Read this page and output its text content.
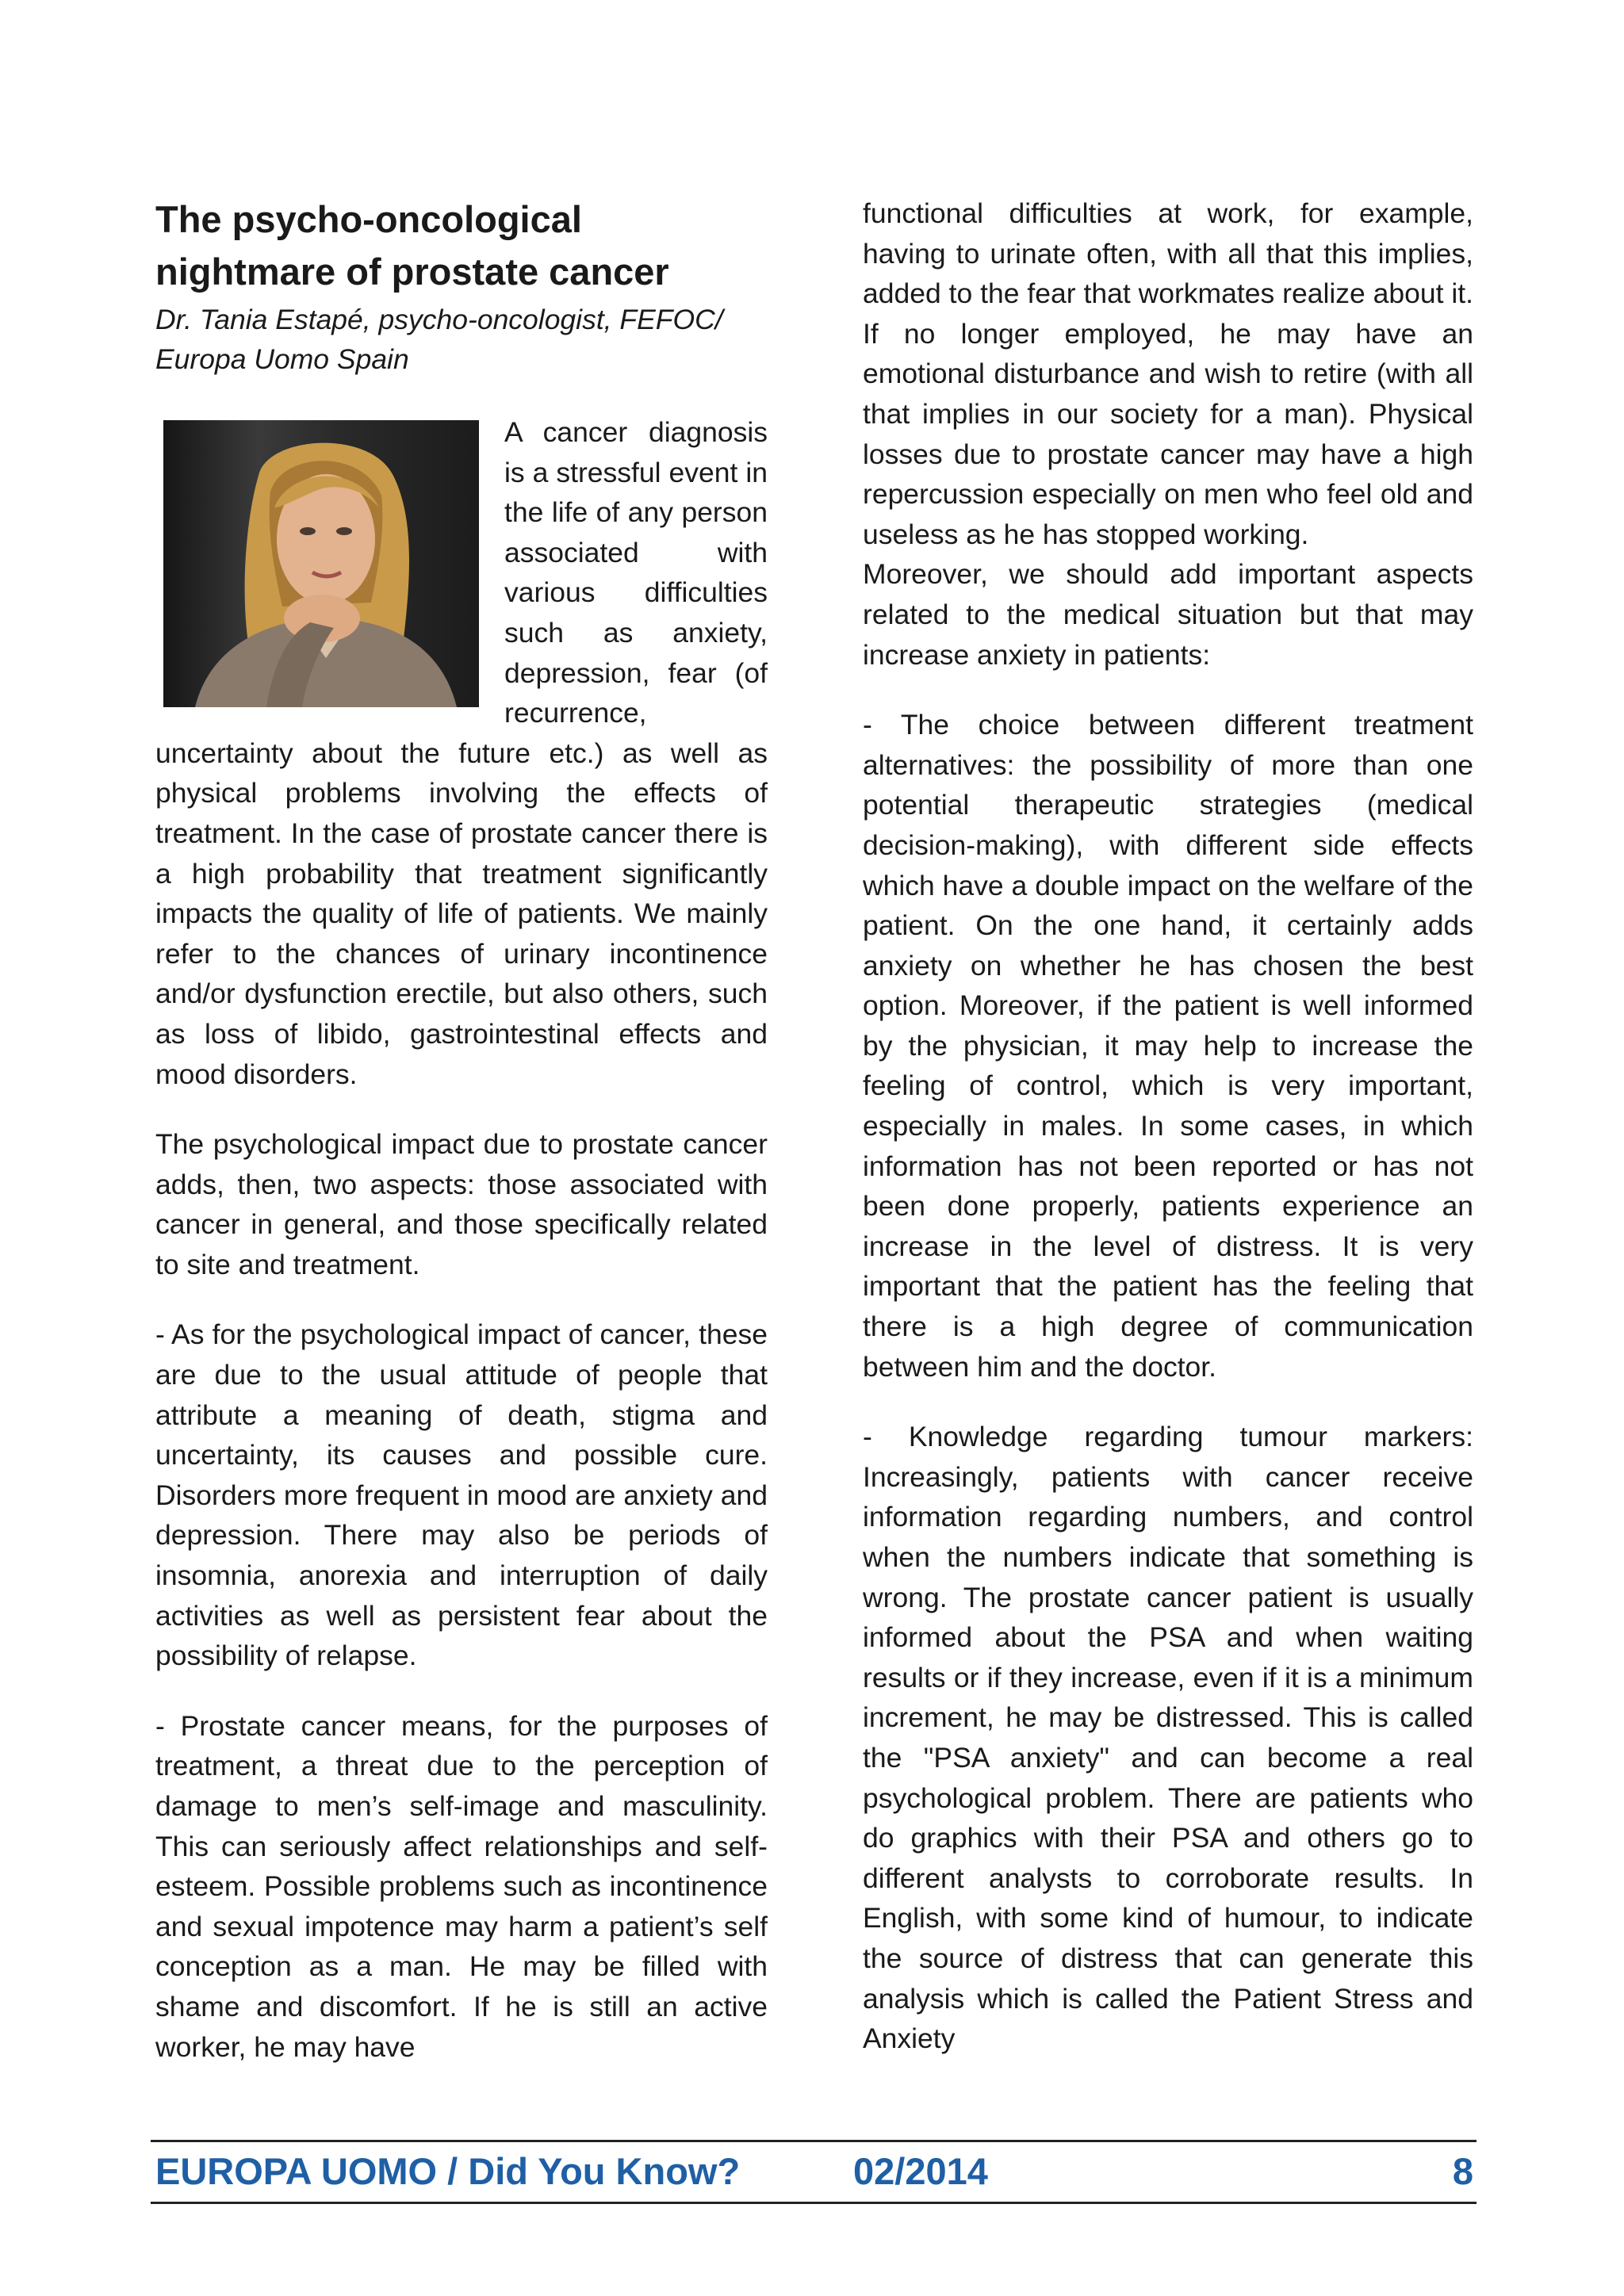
The psycho-oncological
nightmare of prostate cancer
Dr. Tania Estapé, psycho-oncologist, FEFOC/
Europa Uomo Spain

A cancer diagnosis is a stressful event in the life of any person associated with various difficulties such as anxiety, depression, fear (of recurrence, uncertainty about the future etc.) as well as physical problems involving the effects of treatment. In the case of prostate cancer there is a high probability that treatment significantly impacts the quality of life of patients. We mainly refer to the chances of urinary incontinence and/or dysfunction erectile, but also others, such as loss of libido, gastrointestinal effects and mood disorders.

The psychological impact due to prostate cancer adds, then, two aspects: those associated with cancer in general, and those specifically related to site and treatment.

- As for the psychological impact of cancer, these are due to the usual attitude of people that attribute a meaning of death, stigma and uncertainty, its causes and possible cure. Disorders more frequent in mood are anxiety and depression. There may also be periods of insomnia, anorexia and interruption of daily activities as well as persistent fear about the possibility of relapse.

- Prostate cancer means, for the purposes of treatment, a threat due to the perception of damage to men’s self-image and masculinity. This can seriously affect relationships and self-esteem. Possible problems such as incontinence and sexual impotence may harm a patient’s self conception as a man. He may be filled with shame and discomfort. If he is still an active worker, he may have

functional difficulties at work, for example, having to urinate often, with all that this implies, added to the fear that workmates realize about it. If no longer employed, he may have an emotional disturbance and wish to retire (with all that implies in our society for a man). Physical losses due to prostate cancer may have a high repercussion especially on men who feel old and useless as he has stopped working.

Moreover, we should add important aspects related to the medical situation but that may increase anxiety in patients:

- The choice between different treatment alternatives: the possibility of more than one potential therapeutic strategies (medical decision-making), with different side effects which have a double impact on the welfare of the patient. On the one hand, it certainly adds anxiety on whether he has chosen the best option. Moreover, if the patient is well informed by the physician, it may help to increase the feeling of control, which is very important, especially in males. In some cases, in which information has not been reported or has not been done properly, patients experience an increase in the level of distress. It is very important that the patient has the feeling that there is a high degree of communication between him and the doctor.

- Knowledge regarding tumour markers: Increasingly, patients with cancer receive information regarding numbers, and control when the numbers indicate that something is wrong. The prostate cancer patient is usually informed about the PSA and when waiting results or if they increase, even if it is a minimum increment, he may be distressed. This is called the "PSA anxiety" and can become a real psychological problem. There are patients who do graphics with their PSA and others go to different analysts to corroborate results. In English, with some kind of humour, to indicate the source of distress that can generate this analysis which is called the Patient Stress and Anxiety

EUROPA UOMO / Did You Know?	02/2014	8
